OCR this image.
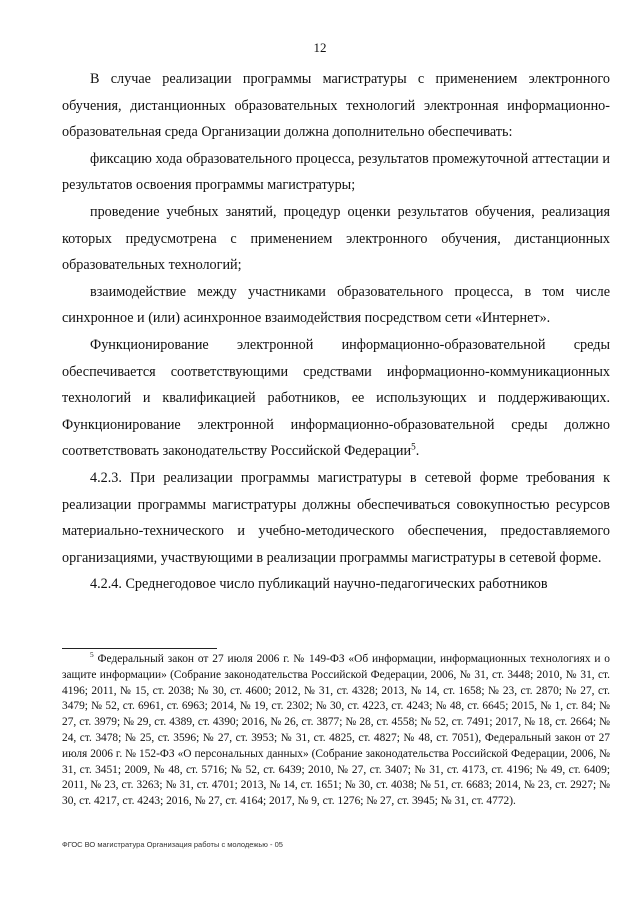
12

В случае реализации программы магистратуры с применением электронного обучения, дистанционных образовательных технологий электронная информационно-образовательная среда Организации должна дополнительно обеспечивать:

фиксацию хода образовательного процесса, результатов промежуточной аттестации и результатов освоения программы магистратуры;

проведение учебных занятий, процедур оценки результатов обучения, реализация которых предусмотрена с применением электронного обучения, дистанционных образовательных технологий;

взаимодействие между участниками образовательного процесса, в том числе синхронное и (или) асинхронное взаимодействия посредством сети «Интернет».

Функционирование электронной информационно-образовательной среды обеспечивается соответствующими средствами информационно-коммуникационных технологий и квалификацией работников, ее использующих и поддерживающих. Функционирование электронной информационно-образовательной среды должно соответствовать законодательству Российской Федерации$^5$.

4.2.3. При реализации программы магистратуры в сетевой форме требования к реализации программы магистратуры должны обеспечиваться совокупностью ресурсов материально-технического и учебно-методического обеспечения, предоставляемого организациями, участвующими в реализации программы магистратуры в сетевой форме.

4.2.4. Среднегодовое число публикаций научно-педагогических работников

$^5$ Федеральный закон от 27 июля 2006 г. № 149-ФЗ «Об информации, информационных технологиях и о защите информации» (Собрание законодательства Российской Федерации, 2006, № 31, ст. 3448; 2010, № 31, ст. 4196; 2011, № 15, ст. 2038; № 30, ст. 4600; 2012, № 31, ст. 4328; 2013, № 14, ст. 1658; № 23, ст. 2870; № 27, ст. 3479; № 52, ст. 6961, ст. 6963; 2014, № 19, ст. 2302; № 30, ст. 4223, ст. 4243; № 48, ст. 6645; 2015, № 1, ст. 84; № 27, ст. 3979; № 29, ст. 4389, ст. 4390; 2016, № 26, ст. 3877; № 28, ст. 4558; № 52, ст. 7491; 2017, № 18, ст. 2664; № 24, ст. 3478; № 25, ст. 3596; № 27, ст. 3953; № 31, ст. 4825, ст. 4827; № 48, ст. 7051), Федеральный закон от 27 июля 2006 г. № 152-ФЗ «О персональных данных» (Собрание законодательства Российской Федерации, 2006, № 31, ст. 3451; 2009, № 48, ст. 5716; № 52, ст. 6439; 2010, № 27, ст. 3407; № 31, ст. 4173, ст. 4196; № 49, ст. 6409; 2011, № 23, ст. 3263; № 31, ст. 4701; 2013, № 14, ст. 1651; № 30, ст. 4038; № 51, ст. 6683; 2014, № 23, ст. 2927; № 30, ст. 4217, ст. 4243; 2016, № 27, ст. 4164; 2017, № 9, ст. 1276; № 27, ст. 3945; № 31, ст. 4772).

ФГОС ВО магистратура Организация работы с молодежью - 05
